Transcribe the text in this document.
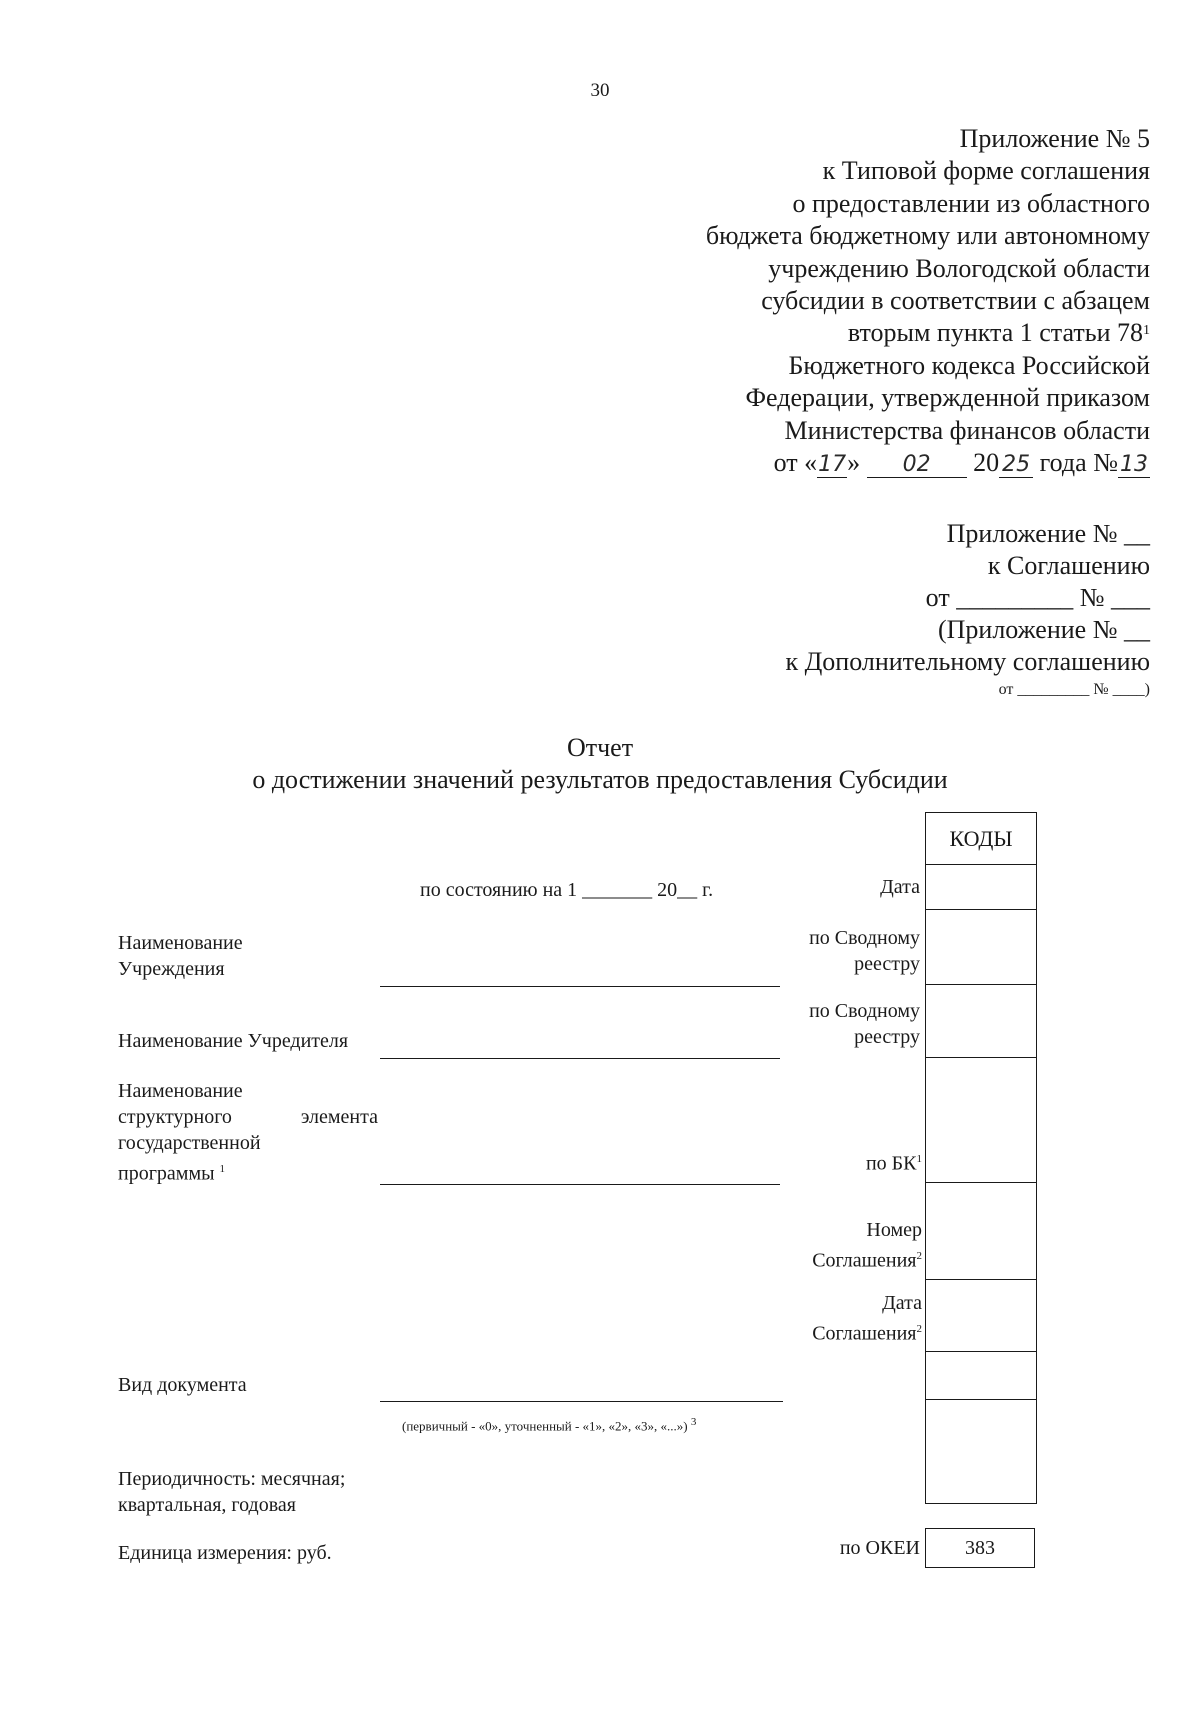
30
Приложение № 5
к Типовой форме соглашения
о предоставлении из областного
бюджета бюджетному или автономному
учреждению Вологодской области
субсидии в соответствии с абзацем
вторым пункта 1 статьи $78^1$
Бюджетного кодекса Российской
Федерации, утвержденной приказом
Министерства финансов области
от «17» 02 20 25 года №13
Приложение № __
к Соглашению
от _________ № ___
(Приложение № __
к Дополнительному соглашению
от _________ № ____)
Отчет
о достижении значений результатов предоставления Субсидии
КОДЫ
383
по состоянию на 1 _______ 20__ г.	Дата
по Сводному
реестру
по Сводному
реестру
по $БК^1$
Номер
Соглашения$^2$
Дата
Соглашения$^2$
по ОКЕИ
Наименование
Учреждения
Наименование Учредителя
Наименование
структурного	элемента
государственной
программы $^1$
Вид документа
(первичный - «0», уточненный - «1», «2», «3», «...») $^3$
Периодичность: месячная;
квартальная, годовая
Единица измерения: руб.
